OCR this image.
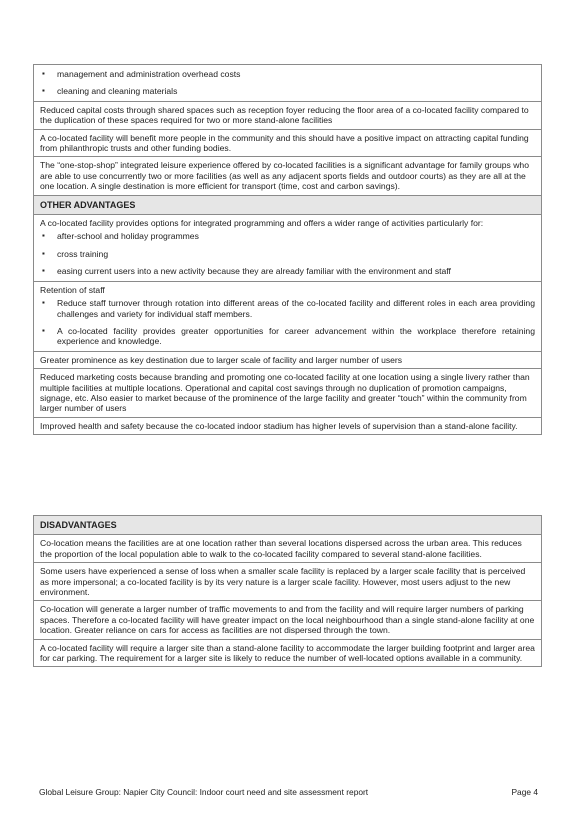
▪ management and administration overhead costs
▪ cleaning and cleaning materials

Reduced capital costs through shared spaces such as reception foyer reducing the floor area of a co-located facility compared to the duplication of these spaces required for two or more stand-alone facilities

A co-located facility will benefit more people in the community and this should have a positive impact on attracting capital funding from philanthropic trusts and other funding bodies.

The “one-stop-shop” integrated leisure experience offered by co-located facilities is a significant advantage for family groups who are able to use concurrently two or more facilities (as well as any adjacent sports fields and outdoor courts) as they are all at the one location. A single destination is more efficient for transport (time, cost and carbon savings).

OTHER ADVANTAGES

A co-located facility provides options for integrated programming and offers a wider range of activities particularly for:

▪ after-school and holiday programmes
▪ cross training
▪ easing current users into a new activity because they are already familiar with the environment and staff

Retention of staff

▪ Reduce staff turnover through rotation into different areas of the co-located facility and different roles in each area providing challenges and variety for individual staff members.
▪ A co-located facility provides greater opportunities for career advancement within the workplace therefore retaining experience and knowledge.

Greater prominence as key destination due to larger scale of facility and larger number of users

Reduced marketing costs because branding and promoting one co-located facility at one location using a single livery rather than multiple facilities at multiple locations. Operational and capital cost savings through no duplication of promotion campaigns, signage, etc. Also easier to market because of the prominence of the large facility and greater “touch” within the community from larger number of users

Improved health and safety because the co-located indoor stadium has higher levels of supervision than a stand-alone facility.

DISADVANTAGES

Co-location means the facilities are at one location rather than several locations dispersed across the urban area. This reduces the proportion of the local population able to walk to the co-located facility compared to several stand-alone facilities.

Some users have experienced a sense of loss when a smaller scale facility is replaced by a larger scale facility that is perceived as more impersonal; a co-located facility is by its very nature is a larger scale facility. However, most users adjust to the new environment.

Co-location will generate a larger number of traffic movements to and from the facility and will require larger numbers of parking spaces. Therefore a co-located facility will have greater impact on the local neighbourhood than a single stand-alone facility at one location. Greater reliance on cars for access as facilities are not dispersed through the town.

A co-located facility will require a larger site than a stand-alone facility to accommodate the larger building footprint and larger area for car parking. The requirement for a larger site is likely to reduce the number of well-located options available in a community.

Global Leisure Group: Napier City Council: Indoor court need and site assessment report	Page 4
